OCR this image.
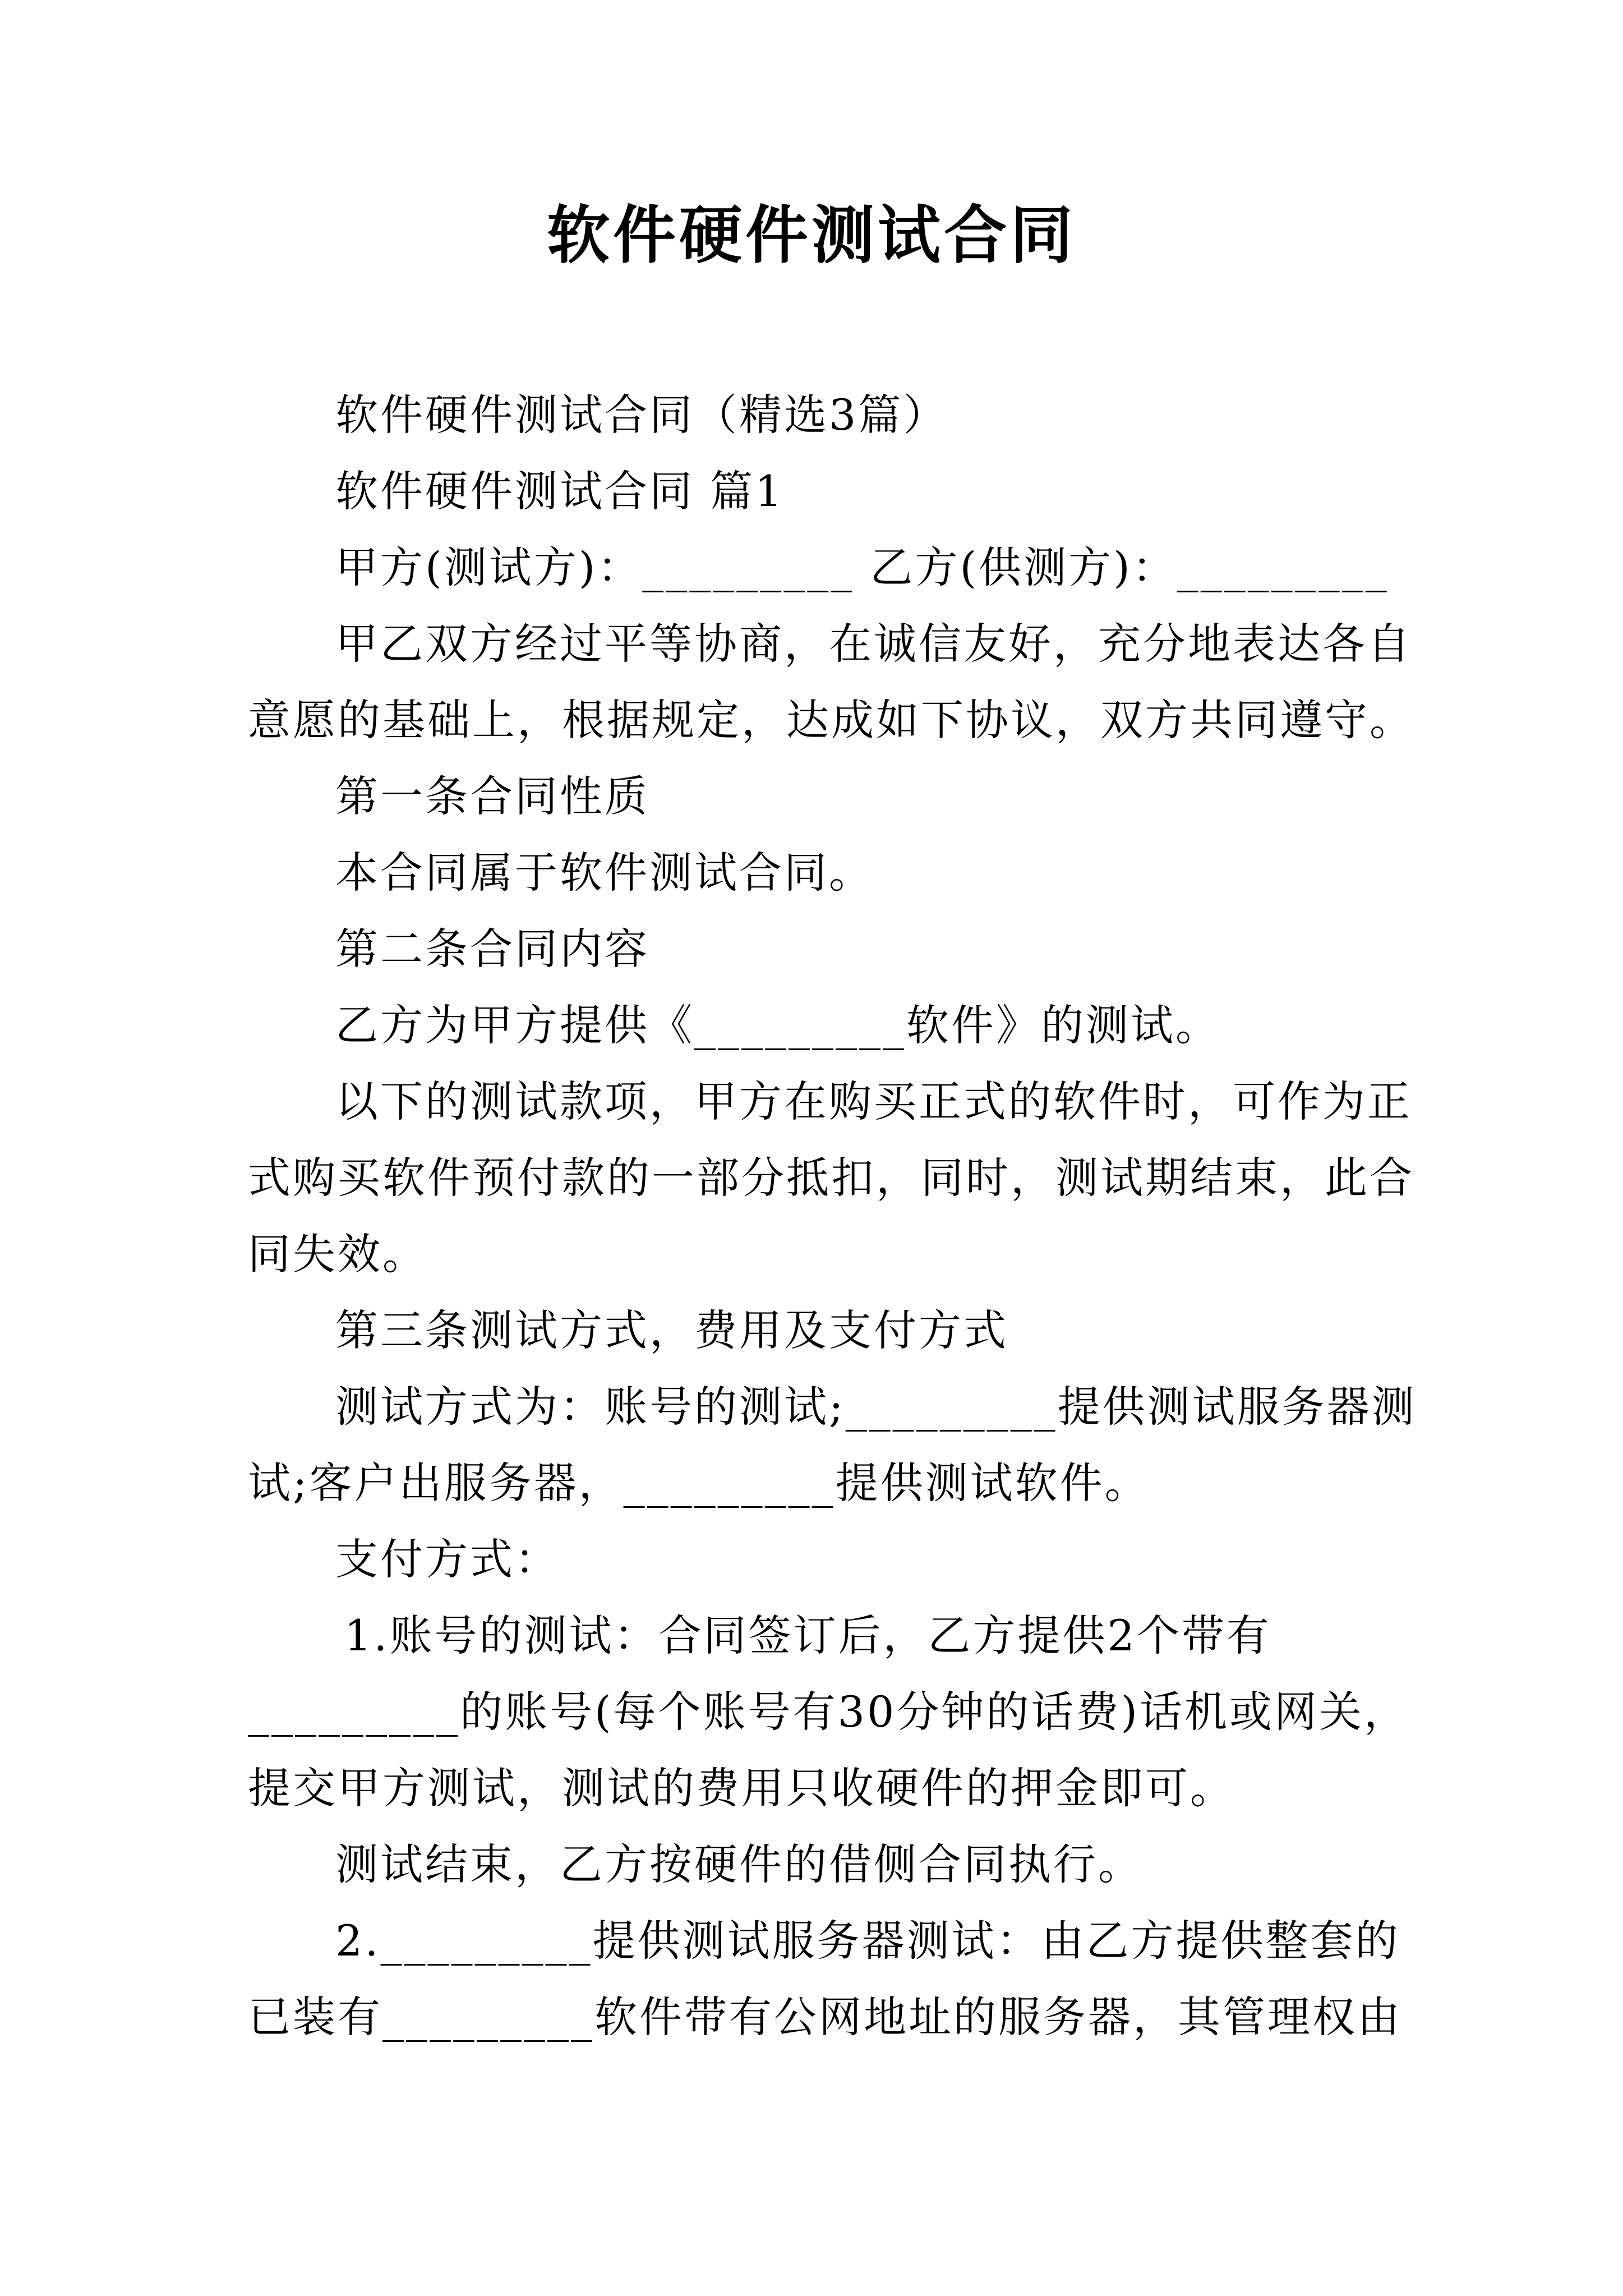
软件硬件测试合同
软件硬件测试合同（精选3篇）
软件硬件测试合同 篇1
甲方(测试方)：_________ 乙方(供测方)：_________
甲乙双方经过平等协商，在诚信友好，充分地表达各自
意愿的基础上，根据规定，达成如下协议，双方共同遵守。
第一条合同性质
本合同属于软件测试合同。
第二条合同内容
乙方为甲方提供《_________软件》的测试。
以下的测试款项，甲方在购买正式的软件时，可作为正
式购买软件预付款的一部分抵扣，同时，测试期结束，此合
同失效。
第三条测试方式，费用及支付方式
测试方式为：账号的测试;_________提供测试服务器测
试;客户出服务器，_________提供测试软件。
支付方式：
1.账号的测试：合同签订后，乙方提供2个带有
_________的账号(每个账号有30分钟的话费)话机或网关，
提交甲方测试，测试的费用只收硬件的押金即可。
测试结束，乙方按硬件的借侧合同执行。
2._________提供测试服务器测试：由乙方提供整套的
已装有_________软件带有公网地址的服务器，其管理权由
